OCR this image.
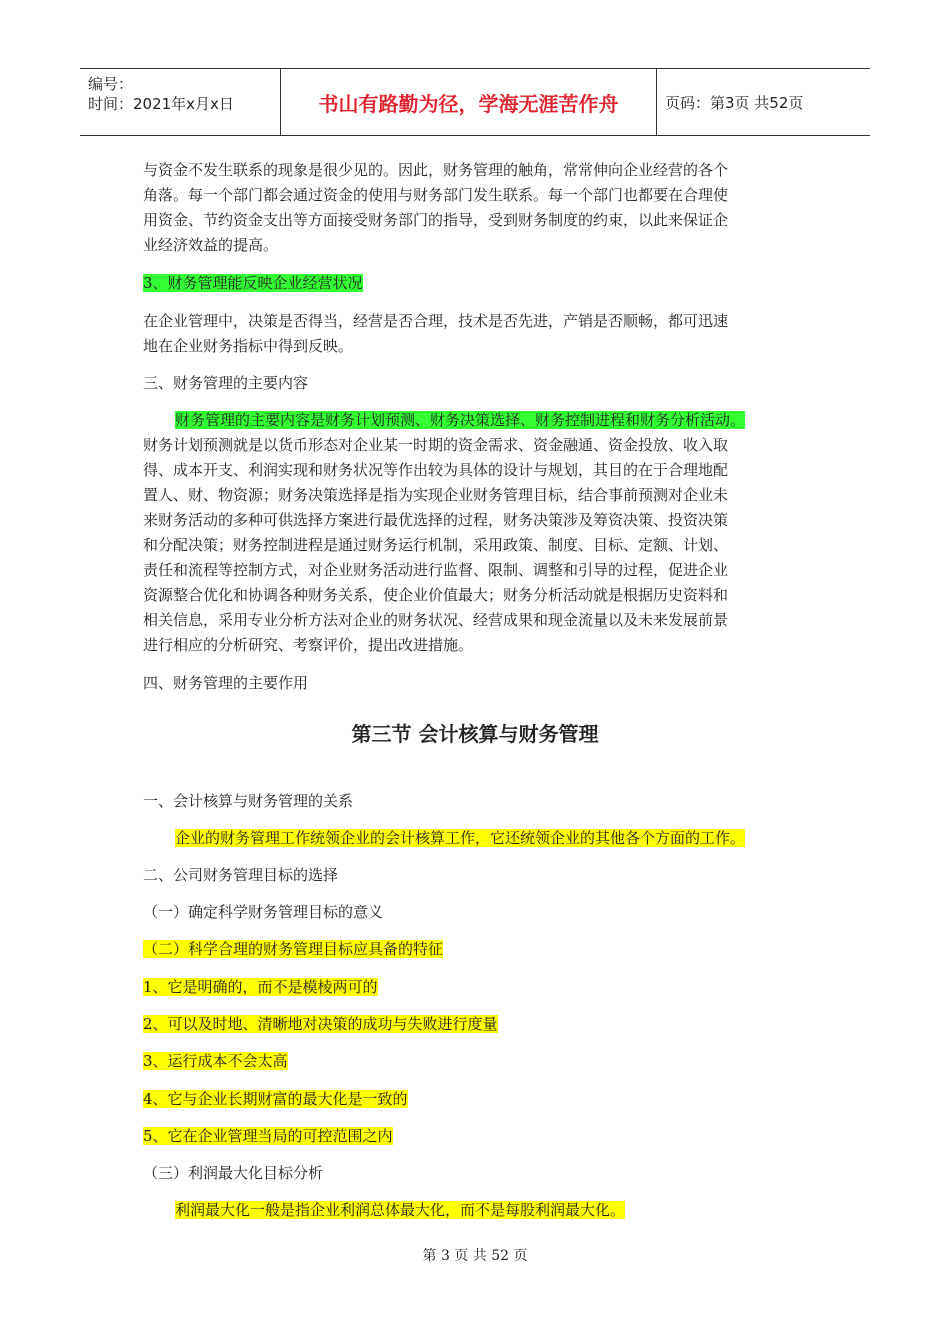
编号：
时间：2021年x月x日	书山有路勤为径，学海无涯苦作舟	页码：第3页 共52页
与资金不发生联系的现象是很少见的。因此，财务管理的触角，常常伸向企业经营的各个
角落。每一个部门都会通过资金的使用与财务部门发生联系。每一个部门也都要在合理使
用资金、节约资金支出等方面接受财务部门的指导，受到财务制度的约束，以此来保证企
业经济效益的提高。
3、财务管理能反映企业经营状况
在企业管理中，决策是否得当，经营是否合理，技术是否先进，产销是否顺畅，都可迅速
地在企业财务指标中得到反映。
三、财务管理的主要内容
财务管理的主要内容是财务计划预测、财务决策选择、财务控制进程和财务分析活动。
财务计划预测就是以货币形态对企业某一时期的资金需求、资金融通、资金投放、收入取
得、成本开支、利润实现和财务状况等作出较为具体的设计与规划，其目的在于合理地配
置人、财、物资源；财务决策选择是指为实现企业财务管理目标，结合事前预测对企业未
来财务活动的多种可供选择方案进行最优选择的过程，财务决策涉及筹资决策、投资决策
和分配决策；财务控制进程是通过财务运行机制，采用政策、制度、目标、定额、计划、
责任和流程等控制方式，对企业财务活动进行监督、限制、调整和引导的过程，促进企业
资源整合优化和协调各种财务关系，使企业价值最大；财务分析活动就是根据历史资料和
相关信息，采用专业分析方法对企业的财务状况、经营成果和现金流量以及未来发展前景
进行相应的分析研究、考察评价，提出改进措施。
四、财务管理的主要作用
第三节 会计核算与财务管理
一、会计核算与财务管理的关系
企业的财务管理工作统领企业的会计核算工作，它还统领企业的其他各个方面的工作。
二、公司财务管理目标的选择
（一）确定科学财务管理目标的意义
（二）科学合理的财务管理目标应具备的特征
1、它是明确的，而不是模棱两可的
2、可以及时地、清晰地对决策的成功与失败进行度量
3、运行成本不会太高
4、它与企业长期财富的最大化是一致的
5、它在企业管理当局的可控范围之内
（三）利润最大化目标分析
利润最大化一般是指企业利润总体最大化，而不是每股利润最大化。
第 3 页 共 52 页
